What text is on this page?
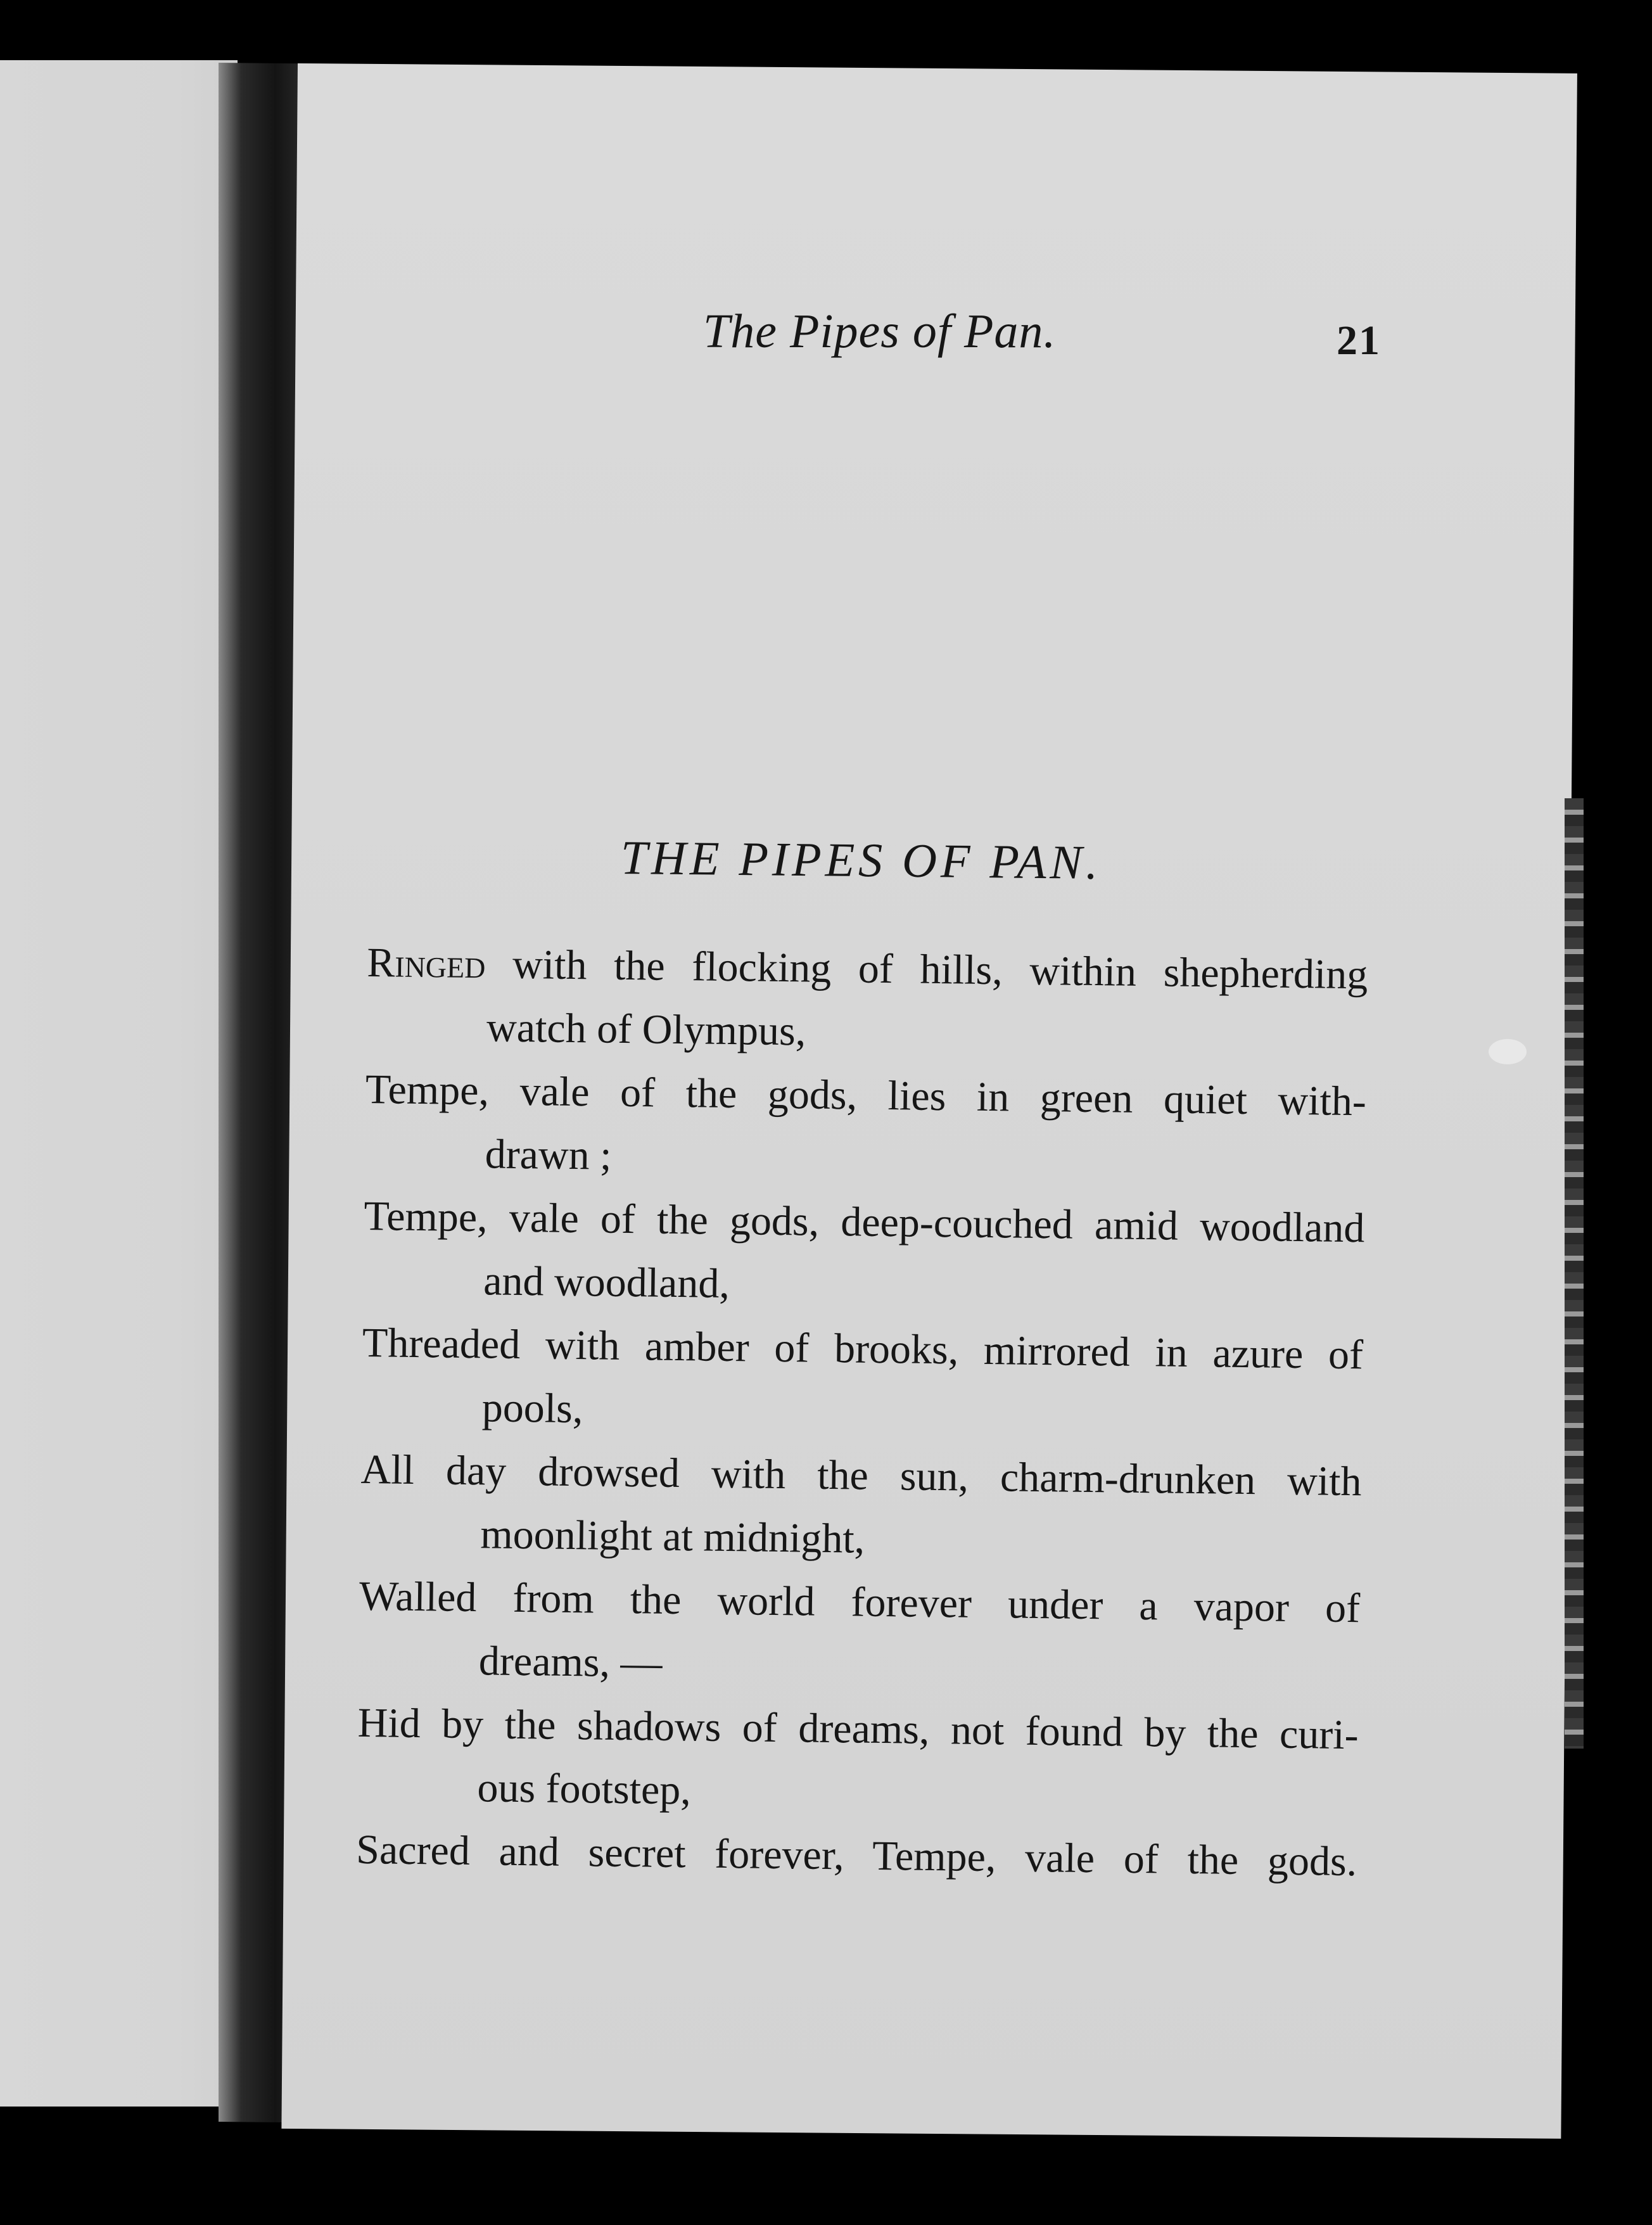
The Pipes of Pan.	21
THE PIPES OF PAN.
Ringed with the flocking of hills, within shepherding
watch of Olympus,
Tempe, vale of the gods, lies in green quiet with-
drawn ;
Tempe, vale of the gods, deep-couched amid woodland
and woodland,
Threaded with amber of brooks, mirrored in azure of
pools,
All day drowsed with the sun, charm-drunken with
moonlight at midnight,
Walled from the world forever under a vapor of
dreams, —
Hid by the shadows of dreams, not found by the curi-
ous footstep,
Sacred and secret forever, Tempe, vale of the gods.
